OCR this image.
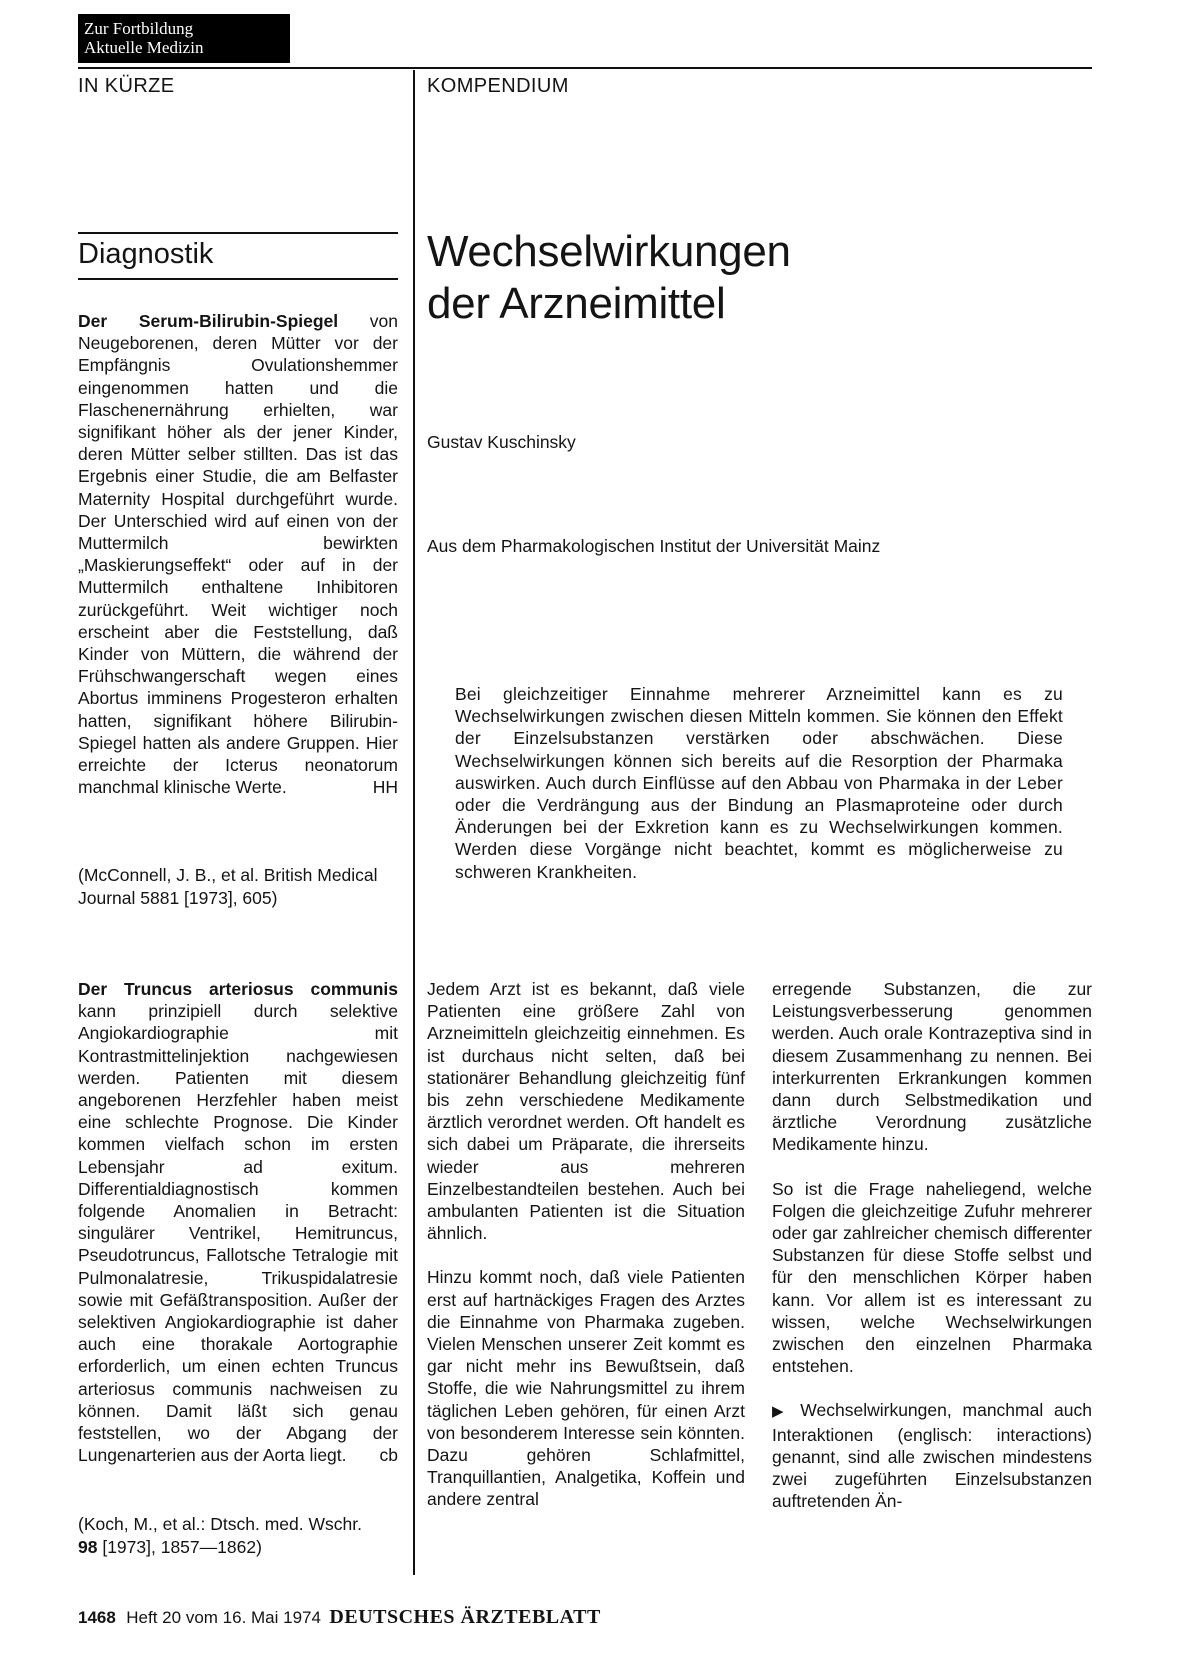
Zur Fortbildung
Aktuelle Medizin
IN KÜRZE	KOMPENDIUM
Diagnostik

Der Serum-Bilirubin-Spiegel von Neugeborenen, deren Mütter vor der Empfängnis Ovulationshemmer eingenommen hatten und die Flaschenernährung erhielten, war signifikant höher als der jener Kinder, deren Mütter selber stillten. Das ist das Ergebnis einer Studie, die am Belfaster Maternity Hospital durchgeführt wurde. Der Unterschied wird auf einen von der Muttermilch bewirkten „Maskierungseffekt“ oder auf in der Muttermilch enthaltene Inhibitoren zurückgeführt. Weit wichtiger noch erscheint aber die Feststellung, daß Kinder von Müttern, die während der Frühschwangerschaft wegen eines Abortus imminens Progesteron erhalten hatten, signifikant höhere Bilirubin-Spiegel hatten als andere Gruppen. Hier erreichte der Icterus neonatorum manchmal klinische Werte.	HH

(McConnell, J. B., et al. British Medical Journal 5881 [1973], 605)

Der Truncus arteriosus communis kann prinzipiell durch selektive Angiokardiographie mit Kontrastmittelinjektion nachgewiesen werden. Patienten mit diesem angeborenen Herzfehler haben meist eine schlechte Prognose. Die Kinder kommen vielfach schon im ersten Lebensjahr ad exitum. Differentialdiagnostisch kommen folgende Anomalien in Betracht: singulärer Ventrikel, Hemitruncus, Pseudotruncus, Fallotsche Tetralogie mit Pulmonalatresie, Trikuspidalatresie sowie mit Gefäßtransposition. Außer der selektiven Angiokardiographie ist daher auch eine thorakale Aortographie erforderlich, um einen echten Truncus arteriosus communis nachweisen zu können. Damit läßt sich genau feststellen, wo der Abgang der Lungenarterien aus der Aorta liegt. cb

(Koch, M., et al.: Dtsch. med. Wschr.
98 [1973], 1857—1862)
Wechselwirkungen
der Arzneimittel
Gustav Kuschinsky
Aus dem Pharmakologischen Institut der Universität Mainz
Bei gleichzeitiger Einnahme mehrerer Arzneimittel kann es zu Wechselwirkungen zwischen diesen Mitteln kommen. Sie können den Effekt der Einzelsubstanzen verstärken oder abschwächen. Diese Wechselwirkungen können sich bereits auf die Resorption der Pharmaka auswirken. Auch durch Einflüsse auf den Abbau von Pharmaka in der Leber oder die Verdrängung aus der Bindung an Plasmaproteine oder durch Änderungen bei der Exkretion kann es zu Wechselwirkungen kommen. Werden diese Vorgänge nicht beachtet, kommt es möglicherweise zu schweren Krankheiten.

Jedem Arzt ist es bekannt, daß viele Patienten eine größere Zahl von Arzneimitteln gleichzeitig einnehmen. Es ist durchaus nicht selten, daß bei stationärer Behandlung gleichzeitig fünf bis zehn verschiedene Medikamente ärztlich verordnet werden. Oft handelt es sich dabei um Präparate, die ihrerseits wieder aus mehreren Einzelbestandteilen bestehen. Auch bei ambulanten Patienten ist die Situation ähnlich.

Hinzu kommt noch, daß viele Patienten erst auf hartnäckiges Fragen des Arztes die Einnahme von Pharmaka zugeben. Vielen Menschen unserer Zeit kommt es gar nicht mehr ins Bewußtsein, daß Stoffe, die wie Nahrungsmittel zu ihrem täglichen Leben gehören, für einen Arzt von besonderem Interesse sein könnten. Dazu gehören Schlafmittel, Tranquillantien, Analgetika, Koffein und andere zentral

erregende Substanzen, die zur Leistungsverbesserung genommen werden. Auch orale Kontrazeptiva sind in diesem Zusammenhang zu nennen. Bei interkurrenten Erkrankungen kommen dann durch Selbstmedikation und ärztliche Verordnung zusätzliche Medikamente hinzu.

So ist die Frage naheliegend, welche Folgen die gleichzeitige Zufuhr mehrerer oder gar zahlreicher chemisch differenter Substanzen für diese Stoffe selbst und für den menschlichen Körper haben kann. Vor allem ist es interessant zu wissen, welche Wechselwirkungen zwischen den einzelnen Pharmaka entstehen.

▶ Wechselwirkungen, manchmal auch Interaktionen (englisch: interactions) genannt, sind alle zwischen mindestens zwei zugeführten Einzelsubstanzen auftretenden Än-

1468 Heft 20 vom 16. Mai 1974 DEUTSCHES ÄRZTEBLATT
